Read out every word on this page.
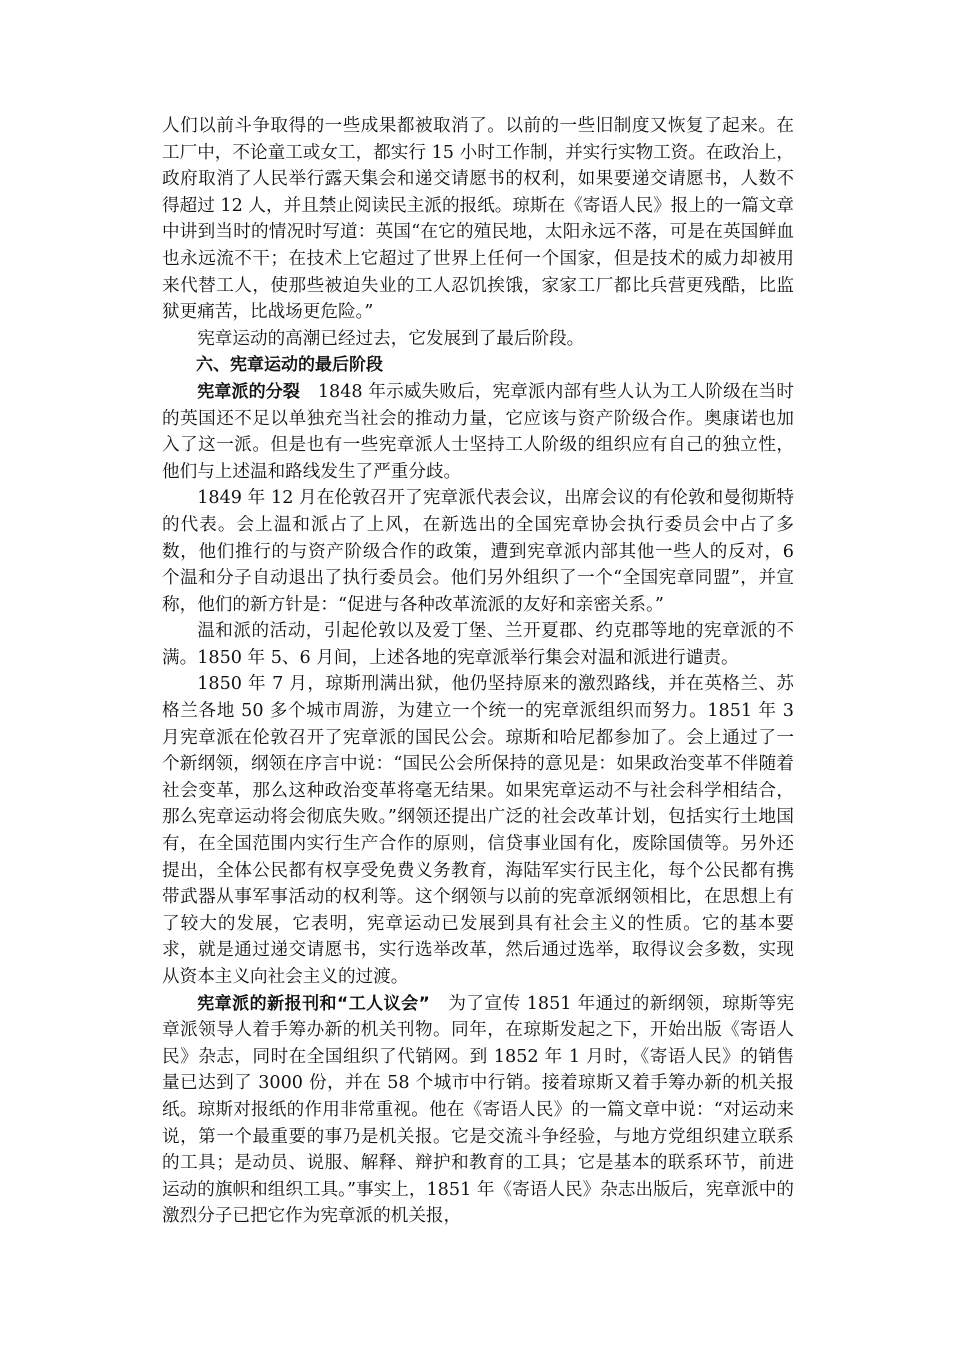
人们以前斗争取得的一些成果都被取消了。以前的一些旧制度又恢复了起来。在工厂中，不论童工或女工，都实行 15 小时工作制，并实行实物工资。在政治上，政府取消了人民举行露天集会和递交请愿书的权利，如果要递交请愿书，人数不得超过 12 人，并且禁止阅读民主派的报纸。琼斯在《寄语人民》报上的一篇文章中讲到当时的情况时写道：英国“在它的殖民地，太阳永远不落，可是在英国鲜血也永远流不干；在技术上它超过了世界上任何一个国家，但是技术的威力却被用来代替工人，使那些被迫失业的工人忍饥挨饿，家家工厂都比兵营更残酷，比监狱更痛苦，比战场更危险。”

宪章运动的高潮已经过去，它发展到了最后阶段。

六、宪章运动的最后阶段

宪章派的分裂　1848 年示威失败后，宪章派内部有些人认为工人阶级在当时的英国还不足以单独充当社会的推动力量，它应该与资产阶级合作。奥康诺也加入了这一派。但是也有一些宪章派人士坚持工人阶级的组织应有自己的独立性，他们与上述温和路线发生了严重分歧。

1849 年 12 月在伦敦召开了宪章派代表会议，出席会议的有伦敦和曼彻斯特的代表。会上温和派占了上风，在新选出的全国宪章协会执行委员会中占了多数，他们推行的与资产阶级合作的政策，遭到宪章派内部其他一些人的反对，6 个温和分子自动退出了执行委员会。他们另外组织了一个“全国宪章同盟”，并宣称，他们的新方针是：“促进与各种改革流派的友好和亲密关系。”

温和派的活动，引起伦敦以及爱丁堡、兰开夏郡、约克郡等地的宪章派的不满。1850 年 5、6 月间，上述各地的宪章派举行集会对温和派进行谴责。

1850 年 7 月，琼斯刑满出狱，他仍坚持原来的激烈路线，并在英格兰、苏格兰各地 50 多个城市周游，为建立一个统一的宪章派组织而努力。1851 年 3 月宪章派在伦敦召开了宪章派的国民公会。琼斯和哈尼都参加了。会上通过了一个新纲领，纲领在序言中说：“国民公会所保持的意见是：如果政治变革不伴随着社会变革，那么这种政治变革将毫无结果。如果宪章运动不与社会科学相结合，那么宪章运动将会彻底失败。”纲领还提出广泛的社会改革计划，包括实行土地国有，在全国范围内实行生产合作的原则，信贷事业国有化，废除国债等。另外还提出，全体公民都有权享受免费义务教育，海陆军实行民主化，每个公民都有携带武器从事军事活动的权利等。这个纲领与以前的宪章派纲领相比，在思想上有了较大的发展，它表明，宪章运动已发展到具有社会主义的性质。它的基本要求，就是通过递交请愿书，实行选举改革，然后通过选举，取得议会多数，实现从资本主义向社会主义的过渡。

宪章派的新报刊和“工人议会”　为了宣传 1851 年通过的新纲领，琼斯等宪章派领导人着手筹办新的机关刊物。同年，在琼斯发起之下，开始出版《寄语人民》杂志，同时在全国组织了代销网。到 1852 年 1 月时，《寄语人民》的销售量已达到了 3000 份，并在 58 个城市中行销。接着琼斯又着手筹办新的机关报纸。琼斯对报纸的作用非常重视。他在《寄语人民》的一篇文章中说：“对运动来说，第一个最重要的事乃是机关报。它是交流斗争经验，与地方党组织建立联系的工具；是动员、说服、解释、辩护和教育的工具；它是基本的联系环节，前进运动的旗帜和组织工具。”事实上，1851 年《寄语人民》杂志出版后，宪章派中的激烈分子已把它作为宪章派的机关报，
